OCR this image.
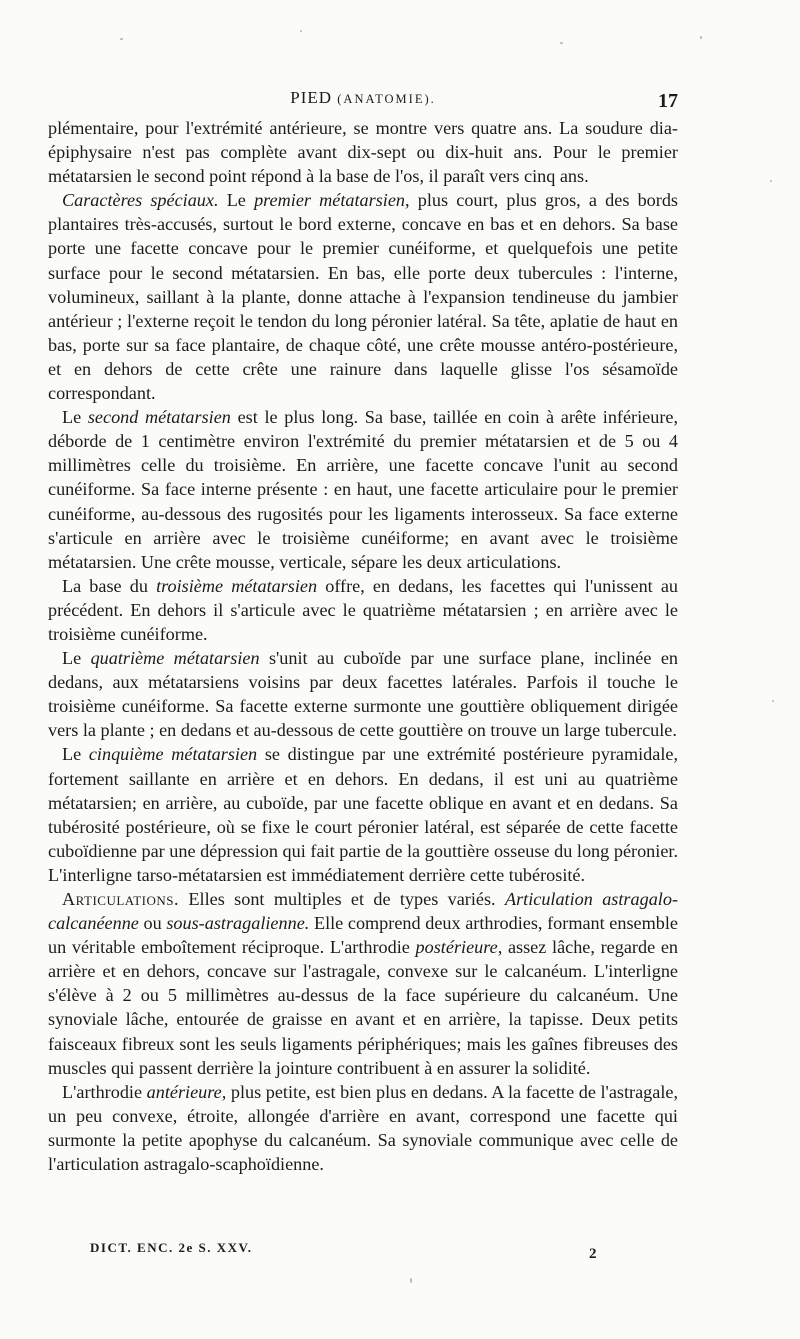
PIED (ANATOMIE).	17

plémentaire, pour l'extrémité antérieure, se montre vers quatre ans. La soudure dia-épiphysaire n'est pas complète avant dix-sept ou dix-huit ans. Pour le premier métatarsien le second point répond à la base de l'os, il paraît vers cinq ans.

Caractères spéciaux. Le premier métatarsien, plus court, plus gros, a des bords plantaires très-accusés, surtout le bord externe, concave en bas et en dehors. Sa base porte une facette concave pour le premier cunéiforme, et quelquefois une petite surface pour le second métatarsien. En bas, elle porte deux tubercules : l'interne, volumineux, saillant à la plante, donne attache à l'expansion tendineuse du jambier antérieur ; l'externe reçoit le tendon du long péronier latéral. Sa tête, aplatie de haut en bas, porte sur sa face plantaire, de chaque côté, une crête mousse antéro-postérieure, et en dehors de cette crête une rainure dans laquelle glisse l'os sésamoïde correspondant.

Le second métatarsien est le plus long. Sa base, taillée en coin à arête inférieure, déborde de 1 centimètre environ l'extrémité du premier métatarsien et de 5 ou 4 millimètres celle du troisième. En arrière, une facette concave l'unit au second cunéiforme. Sa face interne présente : en haut, une facette articulaire pour le premier cunéiforme, au-dessous des rugosités pour les ligaments interosseux. Sa face externe s'articule en arrière avec le troisième cunéiforme; en avant avec le troisième métatarsien. Une crête mousse, verticale, sépare les deux articulations.

La base du troisième métatarsien offre, en dedans, les facettes qui l'unissent au précédent. En dehors il s'articule avec le quatrième métatarsien ; en arrière avec le troisième cunéiforme.

Le quatrième métatarsien s'unit au cuboïde par une surface plane, inclinée en dedans, aux métatarsiens voisins par deux facettes latérales. Parfois il touche le troisième cunéiforme. Sa facette externe surmonte une gouttière obliquement dirigée vers la plante ; en dedans et au-dessous de cette gouttière on trouve un large tubercule.

Le cinquième métatarsien se distingue par une extrémité postérieure pyramidale, fortement saillante en arrière et en dehors. En dedans, il est uni au quatrième métatarsien; en arrière, au cuboïde, par une facette oblique en avant et en dedans. Sa tubérosité postérieure, où se fixe le court péronier latéral, est séparée de cette facette cuboïdienne par une dépression qui fait partie de la gouttière osseuse du long péronier. L'interligne tarso-métatarsien est immédiatement derrière cette tubérosité.

Articulations. Elles sont multiples et de types variés. Articulation astragalo-calcanéenne ou sous-astragalienne. Elle comprend deux arthrodies, formant ensemble un véritable emboîtement réciproque. L'arthrodie postérieure, assez lâche, regarde en arrière et en dehors, concave sur l'astragale, convexe sur le calcanéum. L'interligne s'élève à 2 ou 5 millimètres au-dessus de la face supérieure du calcanéum. Une synoviale lâche, entourée de graisse en avant et en arrière, la tapisse. Deux petits faisceaux fibreux sont les seuls ligaments périphériques; mais les gaînes fibreuses des muscles qui passent derrière la jointure contribuent à en assurer la solidité.

L'arthrodie antérieure, plus petite, est bien plus en dedans. A la facette de l'astragale, un peu convexe, étroite, allongée d'arrière en avant, correspond une facette qui surmonte la petite apophyse du calcanéum. Sa synoviale communique avec celle de l'articulation astragalo-scaphoïdienne.

DICT. ENC. 2e S. XXV.	2
